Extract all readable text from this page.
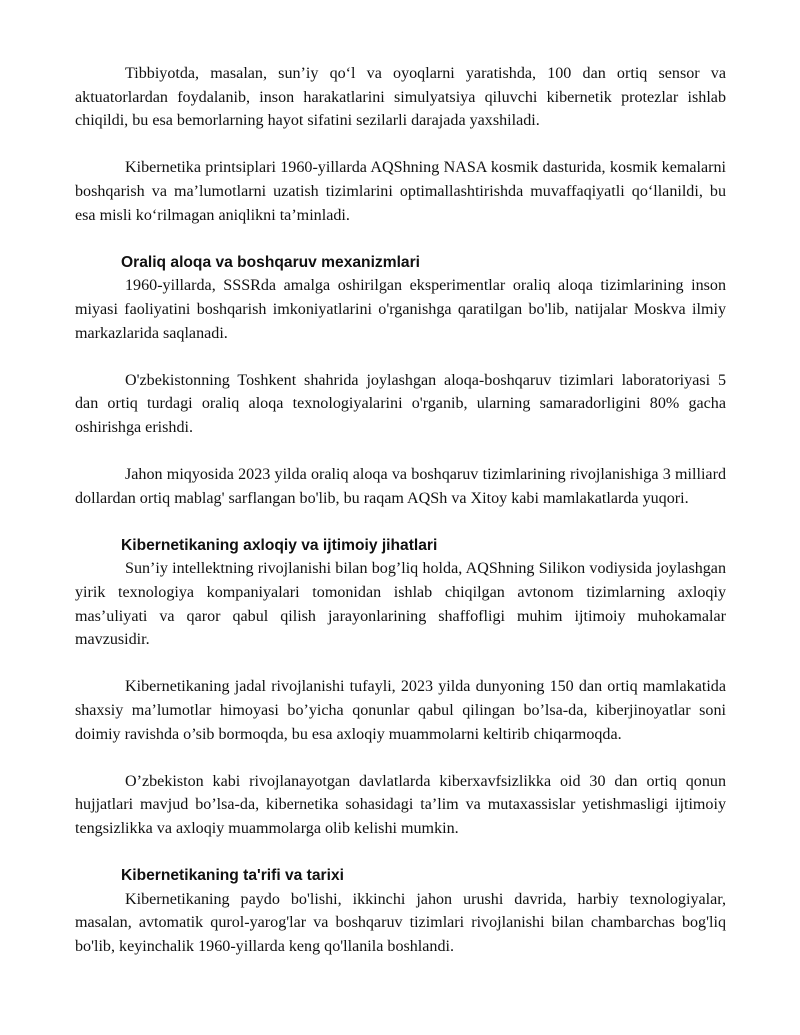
Tibbiyotda, masalan, sun’iy qo‘l va oyoqlarni yaratishda, 100 dan ortiq sensor va aktuatorlardan foydalanib, inson harakatlarini simulyatsiya qiluvchi kibernetik protezlar ishlab chiqildi, bu esa bemorlarning hayot sifatini sezilarli darajada yaxshiladi.

Kibernetika printsiplari 1960-yillarda AQShning NASA kosmik dasturida, kosmik kemalarni boshqarish va ma’lumotlarni uzatish tizimlarini optimallashtirishda muvaffaqiyatli qo‘llanildi, bu esa misli ko‘rilmagan aniqlikni ta’minladi.

Oraliq aloqa va boshqaruv mexanizmlari

1960-yillarda, SSSRda amalga oshirilgan eksperimentlar oraliq aloqa tizimlarining inson miyasi faoliyatini boshqarish imkoniyatlarini o'rganishga qaratilgan bo'lib, natijalar Moskva ilmiy markazlarida saqlanadi.

O'zbekistonning Toshkent shahrida joylashgan aloqa-boshqaruv tizimlari laboratoriyasi 5 dan ortiq turdagi oraliq aloqa texnologiyalarini o'rganib, ularning samaradorligini 80% gacha oshirishga erishdi.

Jahon miqyosida 2023 yilda oraliq aloqa va boshqaruv tizimlarining rivojlanishiga 3 milliard dollardan ortiq mablag' sarflangan bo'lib, bu raqam AQSh va Xitoy kabi mamlakatlarda yuqori.

Kibernetikaning axloqiy va ijtimoiy jihatlari

Sun’iy intellektning rivojlanishi bilan bog’liq holda, AQShning Silikon vodiysida joylashgan yirik texnologiya kompaniyalari tomonidan ishlab chiqilgan avtonom tizimlarning axloqiy mas’uliyati va qaror qabul qilish jarayonlarining shaffofligi muhim ijtimoiy muhokamalar mavzusidir.

Kibernetikaning jadal rivojlanishi tufayli, 2023 yilda dunyoning 150 dan ortiq mamlakatida shaxsiy ma’lumotlar himoyasi bo’yicha qonunlar qabul qilingan bo’lsa-da, kiberjinoyatlar soni doimiy ravishda o’sib bormoqda, bu esa axloqiy muammolarni keltirib chiqarmoqda.

O’zbekiston kabi rivojlanayotgan davlatlarda kiberxavfsizlikka oid 30 dan ortiq qonun hujjatlari mavjud bo’lsa-da, kibernetika sohasidagi ta’lim va mutaxassislar yetishmasligi ijtimoiy tengsizlikka va axloqiy muammolarga olib kelishi mumkin.

Kibernetikaning ta'rifi va tarixi

Kibernetikaning paydo bo'lishi, ikkinchi jahon urushi davrida, harbiy texnologiyalar, masalan, avtomatik qurol-yarog'lar va boshqaruv tizimlari rivojlanishi bilan chambarchas bog'liq bo'lib, keyinchalik 1960-yillarda keng qo'llanila boshlandi.
